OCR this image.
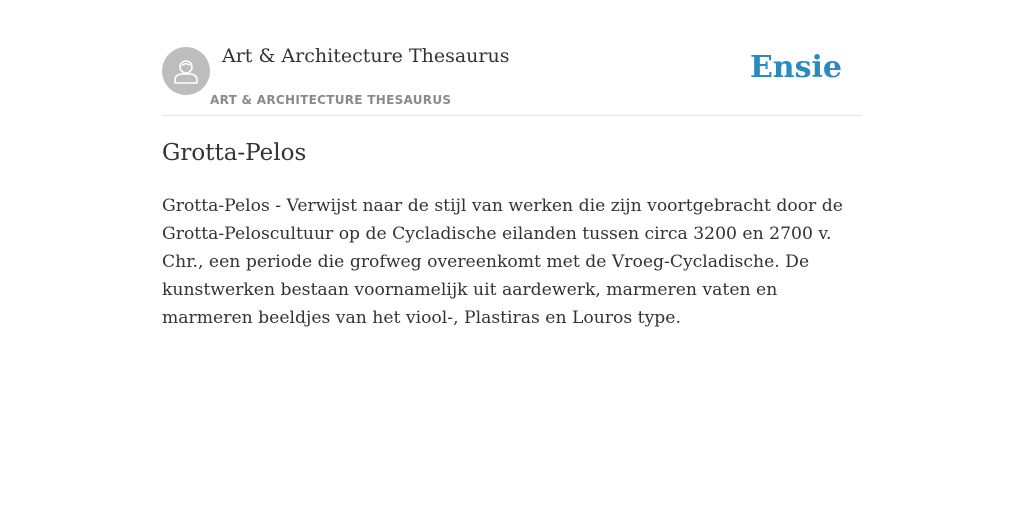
Art & Architecture Thesaurus
ART & ARCHITECTURE THESAURUS
Ensie
Grotta-Pelos

Grotta-Pelos - Verwijst naar de stijl van werken die zijn voortgebracht door de Grotta-Peloscultuur op de Cycladische eilanden tussen circa 3200 en 2700 v. Chr., een periode die grofweg overeenkomt met de Vroeg-Cycladische. De kunstwerken bestaan voornamelijk uit aardewerk, marmeren vaten en marmeren beeldjes van het viool-, Plastiras en Louros type.
